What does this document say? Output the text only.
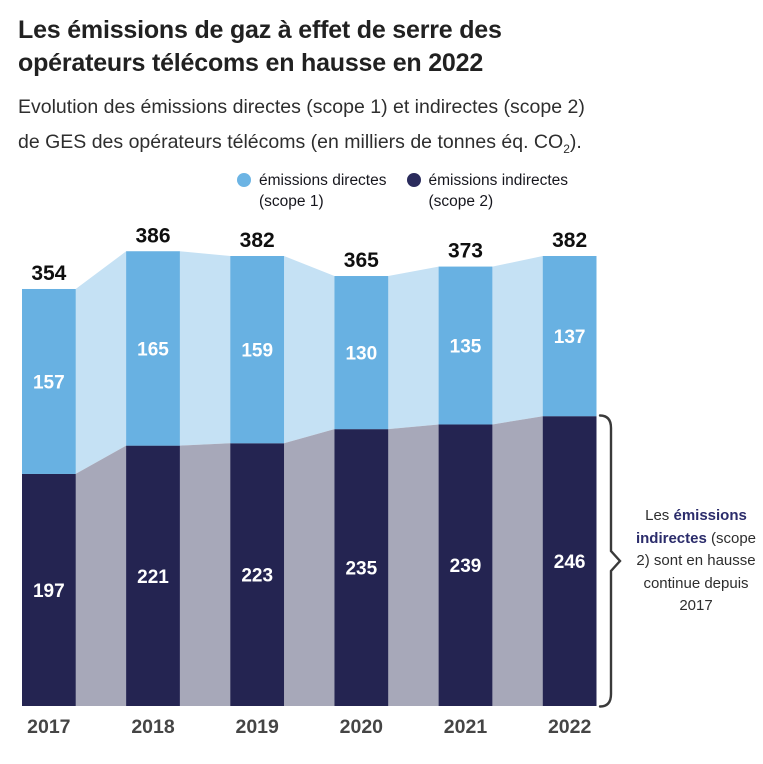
Les émissions de gaz à effet de serre des
opérateurs télécoms en hausse en 2022

Evolution des émissions directes (scope 1) et indirectes (scope 2)
de GES des opérateurs télécoms (en milliers de tonnes éq. $CO_2$).

émissions directes
(scope 1)
émissions indirectes
(scope 2)
354
157
197
2017
386
165
221
2018
382
159
223
2019
365
130
235
2020
373
135
239
2021
382
137
246
2022
Les émissions indirectes (scope 2) sont en hausse continue depuis 2017
